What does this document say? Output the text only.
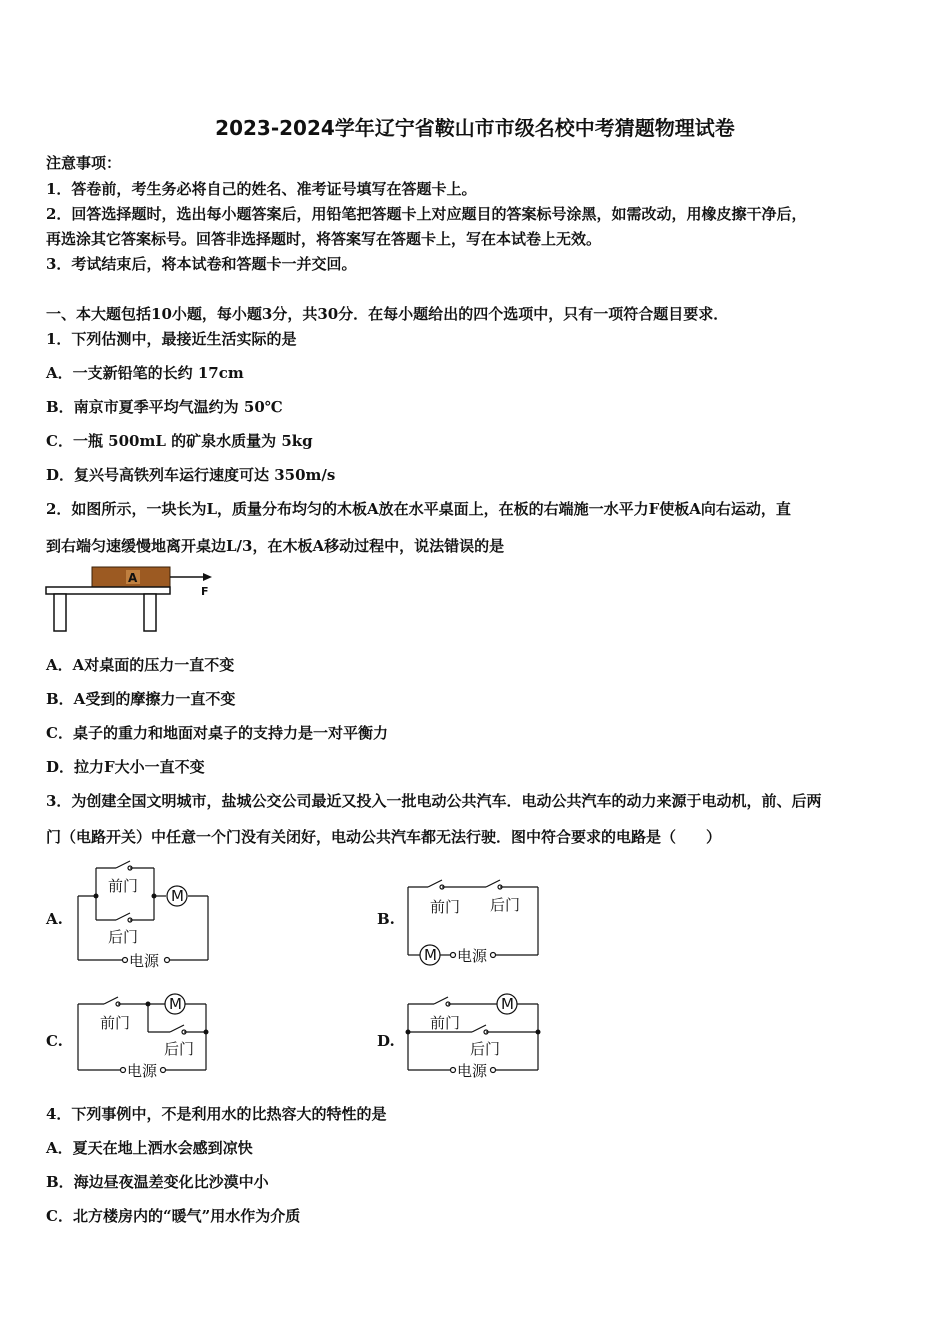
2023-2024学年辽宁省鞍山市市级名校中考猜题物理试卷
注意事项：
1．答卷前，考生务必将自己的姓名、准考证号填写在答题卡上。
2．回答选择题时，选出每小题答案后，用铅笔把答题卡上对应题目的答案标号涂黑，如需改动，用橡皮擦干净后，
再选涂其它答案标号。回答非选择题时，将答案写在答题卡上，写在本试卷上无效。
3．考试结束后，将本试卷和答题卡一并交回。
一、本大题包括10小题，每小题3分，共30分．在每小题给出的四个选项中，只有一项符合题目要求．
1．下列估测中，最接近生活实际的是
A．一支新铅笔的长约 17cm
B．南京市夏季平均气温约为 50℃
C．一瓶 500mL 的矿泉水质量为 5kg
D．复兴号高铁列车运行速度可达 350m/s
2．如图所示，一块长为L，质量分布均匀的木板A放在水平桌面上，在板的右端施一水平力F使板A向右运动，直
到右端匀速缓慢地离开桌边L/3，在木板A移动过程中，说法错误的是
A
F
A．A对桌面的压力一直不变
B．A受到的摩擦力一直不变
C．桌子的重力和地面对桌子的支持力是一对平衡力
D．拉力F大小一直不变
3．为创建全国文明城市，盐城公交公司最近又投入一批电动公共汽车．电动公共汽车的动力来源于电动机，前、后两
门（电路开关）中任意一个门没有关闭好，电动公共汽车都无法行驶．图中符合要求的电路是（　　）
A.
M
前门
后门
电源
B.
M
前门 后门
电源
C.
M
前门
后门
电源
D.
M
前门
后门
电源
4．下列事例中，不是利用水的比热容大的特性的是
A．夏天在地上洒水会感到凉快
B．海边昼夜温差变化比沙漠中小
C．北方楼房内的“暖气”用水作为介质
